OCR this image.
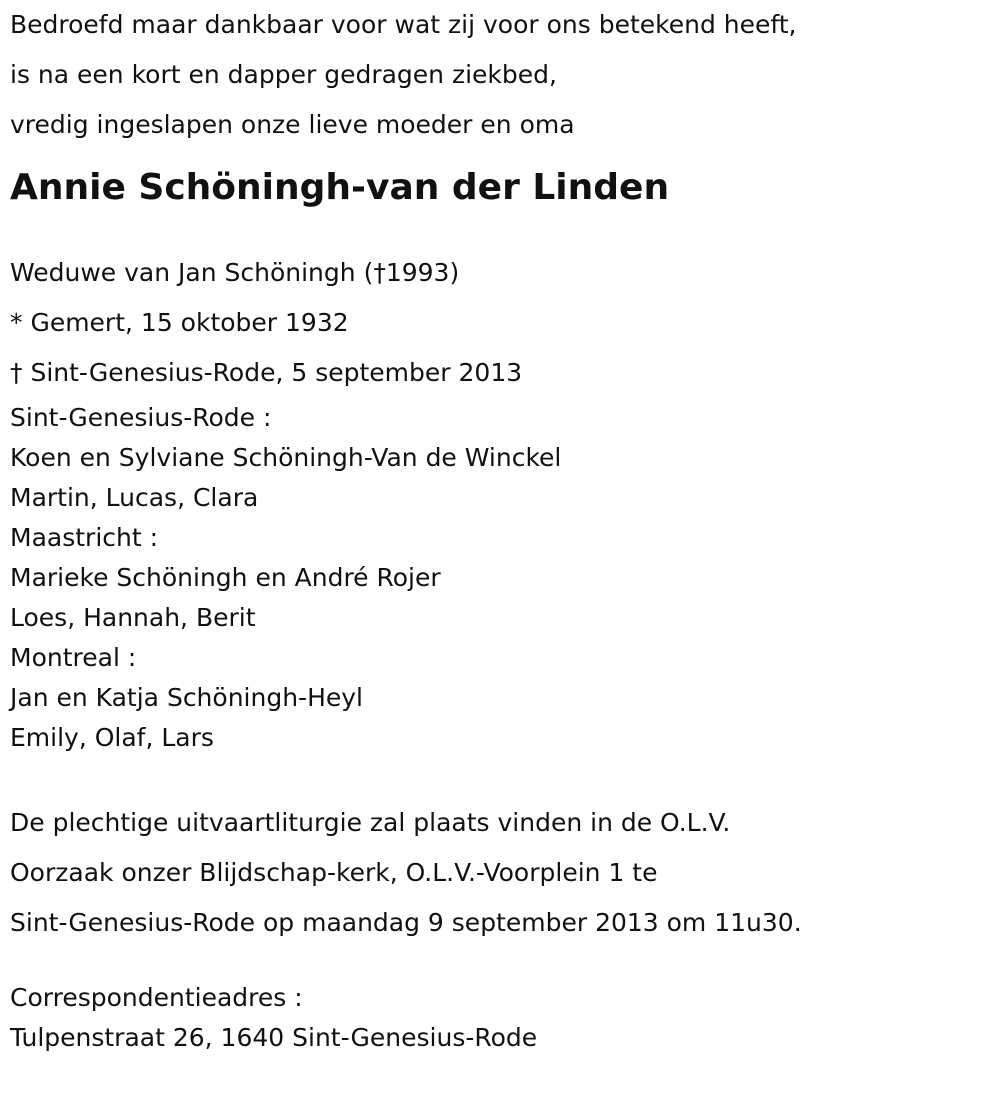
Bedroefd maar dankbaar voor wat zij voor ons betekend heeft,
is na een kort en dapper gedragen ziekbed,
vredig ingeslapen onze lieve moeder en oma
Annie Schöningh-van der Linden
Weduwe van Jan Schöningh (†1993)
* Gemert, 15 oktober 1932
† Sint-Genesius-Rode, 5 september 2013
Sint-Genesius-Rode :
Koen en Sylviane Schöningh-Van de Winckel
Martin, Lucas, Clara
Maastricht :
Marieke Schöningh en André Rojer
Loes, Hannah, Berit
Montreal :
Jan en Katja Schöningh-Heyl
Emily, Olaf, Lars
De plechtige uitvaartliturgie zal plaats vinden in de O.L.V.
Oorzaak onzer Blijdschap-kerk, O.L.V.-Voorplein 1 te
Sint-Genesius-Rode op maandag 9 september 2013 om 11u30.
Correspondentieadres :
Tulpenstraat 26, 1640 Sint-Genesius-Rode
